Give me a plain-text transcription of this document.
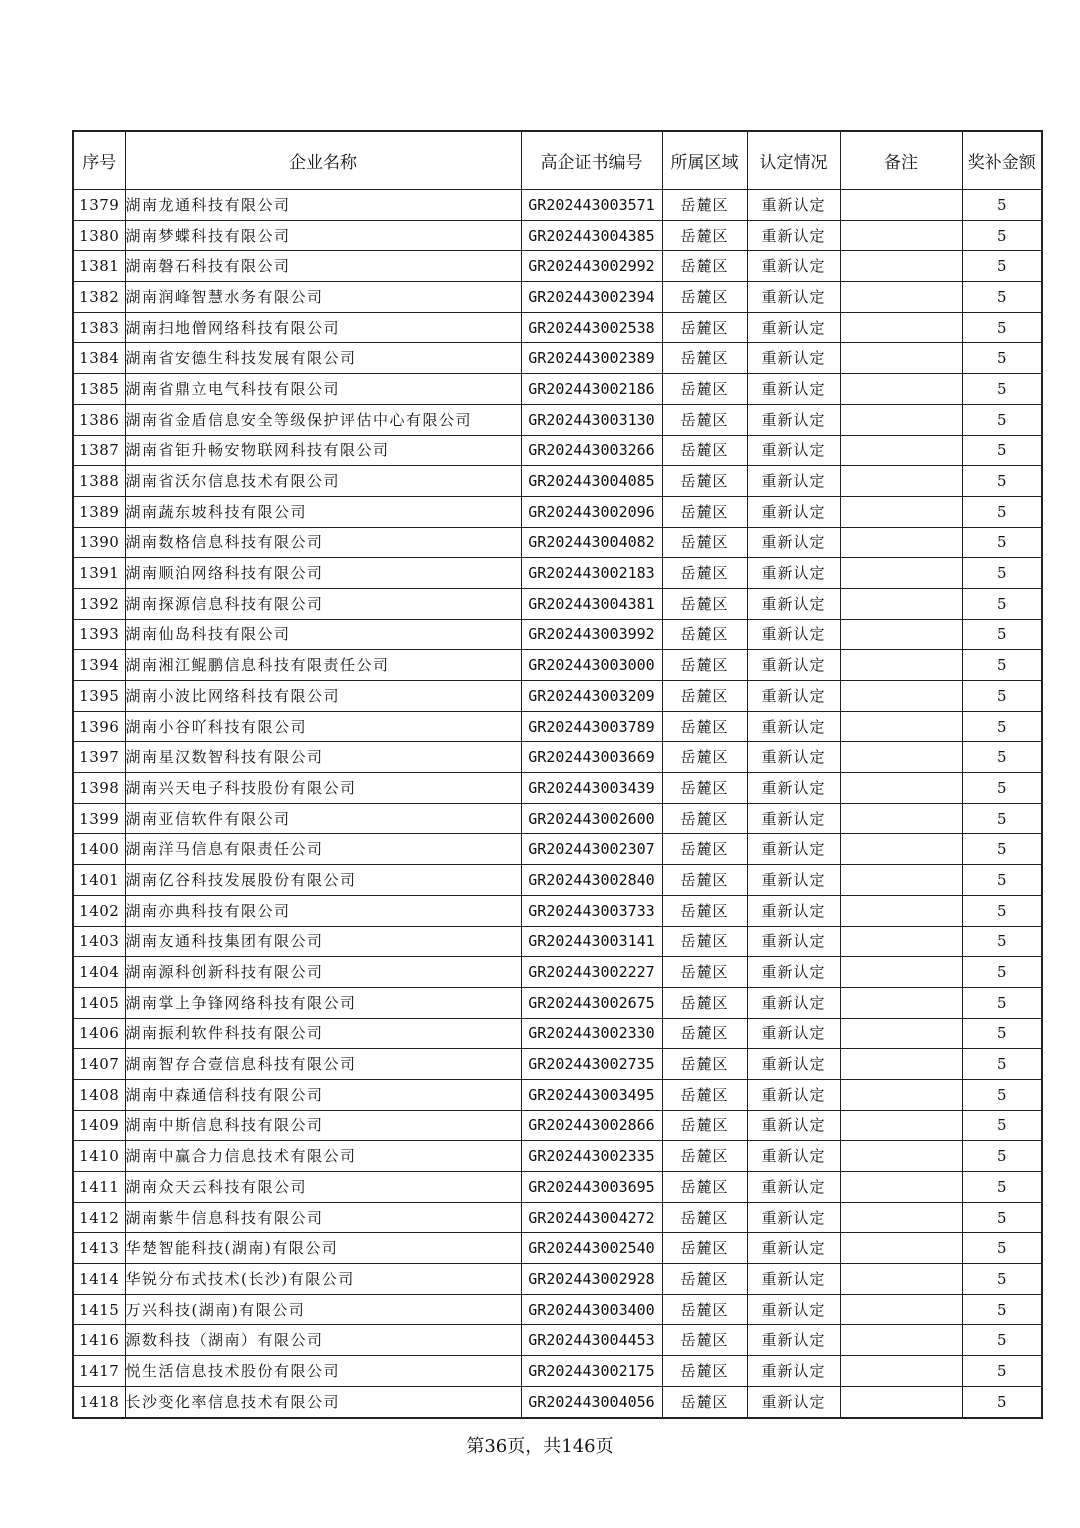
序号	企业名称	高企证书编号	所属区域	认定情况	备注	奖补金额
1379	湖南龙通科技有限公司	GR202443003571	岳麓区	重新认定		5
1380	湖南梦蝶科技有限公司	GR202443004385	岳麓区	重新认定		5
1381	湖南磐石科技有限公司	GR202443002992	岳麓区	重新认定		5
1382	湖南润峰智慧水务有限公司	GR202443002394	岳麓区	重新认定		5
1383	湖南扫地僧网络科技有限公司	GR202443002538	岳麓区	重新认定		5
1384	湖南省安德生科技发展有限公司	GR202443002389	岳麓区	重新认定		5
1385	湖南省鼎立电气科技有限公司	GR202443002186	岳麓区	重新认定		5
1386	湖南省金盾信息安全等级保护评估中心有限公司	GR202443003130	岳麓区	重新认定		5
1387	湖南省钜升畅安物联网科技有限公司	GR202443003266	岳麓区	重新认定		5
1388	湖南省沃尔信息技术有限公司	GR202443004085	岳麓区	重新认定		5
1389	湖南蔬东坡科技有限公司	GR202443002096	岳麓区	重新认定		5
1390	湖南数格信息科技有限公司	GR202443004082	岳麓区	重新认定		5
1391	湖南顺泊网络科技有限公司	GR202443002183	岳麓区	重新认定		5
1392	湖南探源信息科技有限公司	GR202443004381	岳麓区	重新认定		5
1393	湖南仙岛科技有限公司	GR202443003992	岳麓区	重新认定		5
1394	湖南湘江鲲鹏信息科技有限责任公司	GR202443003000	岳麓区	重新认定		5
1395	湖南小波比网络科技有限公司	GR202443003209	岳麓区	重新认定		5
1396	湖南小谷吖科技有限公司	GR202443003789	岳麓区	重新认定		5
1397	湖南星汉数智科技有限公司	GR202443003669	岳麓区	重新认定		5
1398	湖南兴天电子科技股份有限公司	GR202443003439	岳麓区	重新认定		5
1399	湖南亚信软件有限公司	GR202443002600	岳麓区	重新认定		5
1400	湖南洋马信息有限责任公司	GR202443002307	岳麓区	重新认定		5
1401	湖南亿谷科技发展股份有限公司	GR202443002840	岳麓区	重新认定		5
1402	湖南亦典科技有限公司	GR202443003733	岳麓区	重新认定		5
1403	湖南友通科技集团有限公司	GR202443003141	岳麓区	重新认定		5
1404	湖南源科创新科技有限公司	GR202443002227	岳麓区	重新认定		5
1405	湖南掌上争锋网络科技有限公司	GR202443002675	岳麓区	重新认定		5
1406	湖南振利软件科技有限公司	GR202443002330	岳麓区	重新认定		5
1407	湖南智存合壹信息科技有限公司	GR202443002735	岳麓区	重新认定		5
1408	湖南中森通信科技有限公司	GR202443003495	岳麓区	重新认定		5
1409	湖南中斯信息科技有限公司	GR202443002866	岳麓区	重新认定		5
1410	湖南中赢合力信息技术有限公司	GR202443002335	岳麓区	重新认定		5
1411	湖南众天云科技有限公司	GR202443003695	岳麓区	重新认定		5
1412	湖南紫牛信息科技有限公司	GR202443004272	岳麓区	重新认定		5
1413	华楚智能科技(湖南)有限公司	GR202443002540	岳麓区	重新认定		5
1414	华锐分布式技术(长沙)有限公司	GR202443002928	岳麓区	重新认定		5
1415	万兴科技(湖南)有限公司	GR202443003400	岳麓区	重新认定		5
1416	源数科技（湖南）有限公司	GR202443004453	岳麓区	重新认定		5
1417	悦生活信息技术股份有限公司	GR202443002175	岳麓区	重新认定		5
1418	长沙变化率信息技术有限公司	GR202443004056	岳麓区	重新认定		5
第36页，共146页
